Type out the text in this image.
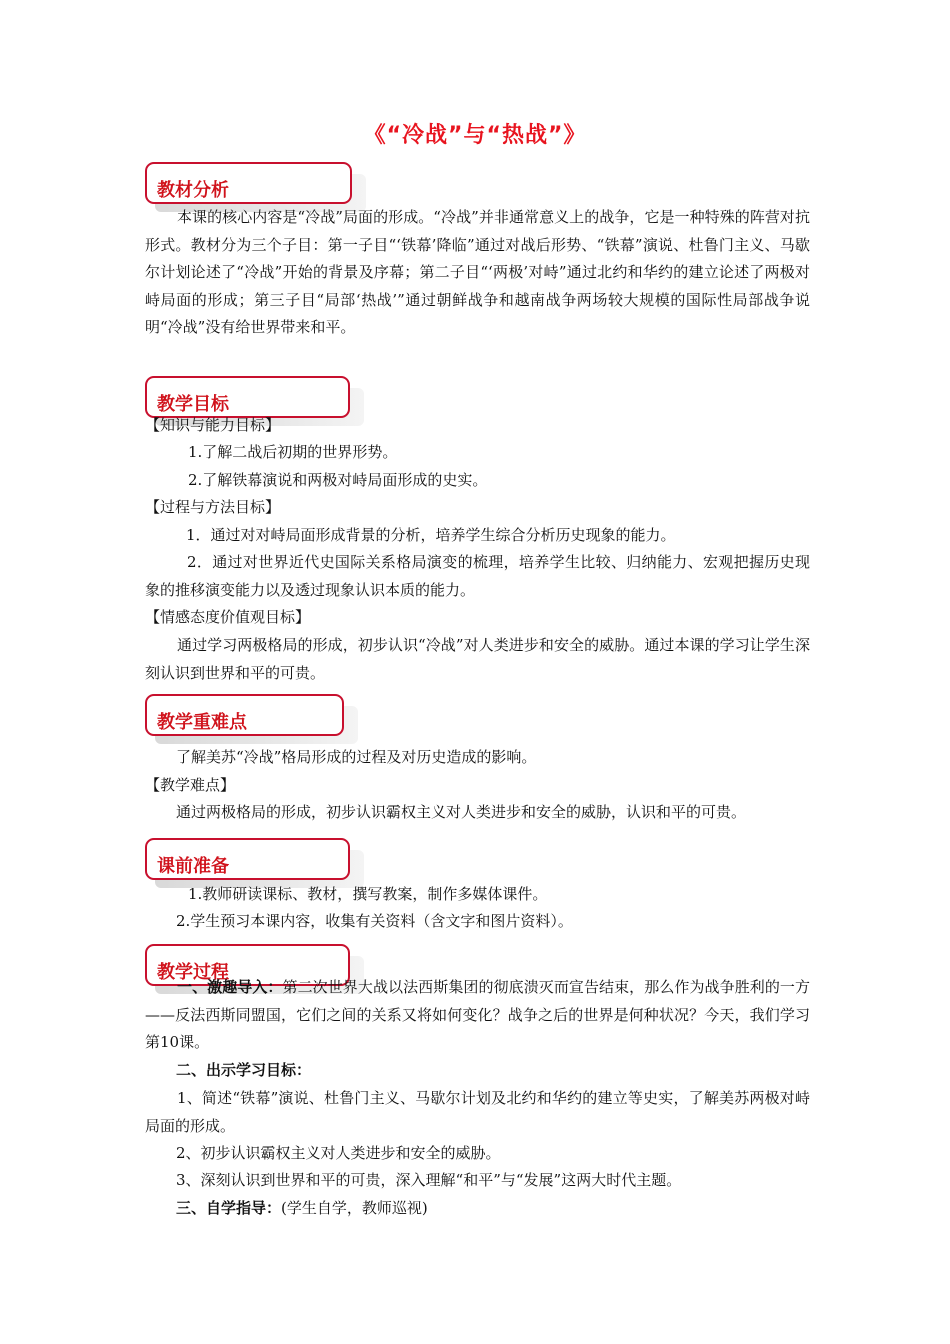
《“冷战”与“热战”》
教材分析
本课的核心内容是“冷战”局面的形成。“冷战”并非通常意义上的战争，它是一种特殊的阵营对抗形式。教材分为三个子目：第一子目“‘铁幕’降临”通过对战后形势、“铁幕”演说、杜鲁门主义、马歇尔计划论述了“冷战”开始的背景及序幕；第二子目“‘两极’对峙”通过北约和华约的建立论述了两极对峙局面的形成；第三子目“局部‘热战’”通过朝鲜战争和越南战争两场较大规模的国际性局部战争说明“冷战”没有给世界带来和平。
教学目标
【知识与能力目标】
1.了解二战后初期的世界形势。
2.了解铁幕演说和两极对峙局面形成的史实。
【过程与方法目标】
1．通过对对峙局面形成背景的分析，培养学生综合分析历史现象的能力。
2．通过对世界近代史国际关系格局演变的梳理，培养学生比较、归纳能力、宏观把握历史现象的推移演变能力以及透过现象认识本质的能力。
【情感态度价值观目标】
通过学习两极格局的形成，初步认识“冷战”对人类进步和安全的威胁。通过本课的学习让学生深刻认识到世界和平的可贵。
教学重难点
了解美苏“冷战”格局形成的过程及对历史造成的影响。
【教学难点】
通过两极格局的形成，初步认识霸权主义对人类进步和安全的威胁，认识和平的可贵。
课前准备
1.教师研读课标、教材，撰写教案，制作多媒体课件。
2.学生预习本课内容，收集有关资料（含文字和图片资料）。
教学过程
一、激趣导入：第二次世界大战以法西斯集团的彻底溃灭而宣告结束，那么作为战争胜利的一方——反法西斯同盟国，它们之间的关系又将如何变化？战争之后的世界是何种状况？今天，我们学习第10课。
二、出示学习目标：
1、简述“铁幕”演说、杜鲁门主义、马歇尔计划及北约和华约的建立等史实，了解美苏两极对峙局面的形成。
2、初步认识霸权主义对人类进步和安全的威胁。
3、深刻认识到世界和平的可贵，深入理解“和平”与“发展”这两大时代主题。
三、自学指导：(学生自学，教师巡视)
